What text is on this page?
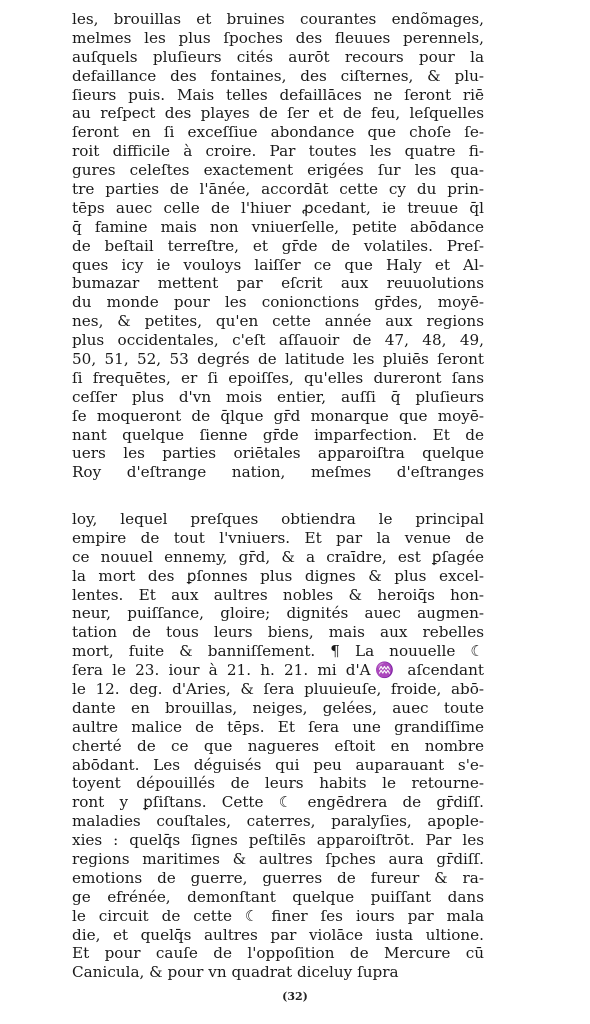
les, brouillas et bruines courantes endõmages,
melmes les plus ſpoches des fleuues perennels,
auſquels pluſieurs cités aurōt recours pour la
defaillance des fontaines, des ciſternes, & plu-
ſieurs puis. Mais telles defaillāces ne ſeront riē
au reſpect des playes de ſer et de feu, leſquelles
ſeront en ſi exceſſiue abondance que choſe ſe-
roit difficile à croire. Par toutes les quatre fi-
gures celeſtes exactement erigées ſur les qua-
tre parties de l'ānée, accordāt cette cy du prin-
tēps auec celle de l'hiuer ꝓcedant, ie treuue q̄l
q̄ famine mais non vniuerſelle, petite abōdance
de beſtail terreſtre, et gr̄de de volatiles. Preſ-
ques icy ie vouloys laiſſer ce que Haly et Al-
bumazar mettent par eſcrit aux reuuolutions
du monde pour les conionctions gr̄des, moyē-
nes, & petites, qu'en cette année aux regions
plus occidentales, c'eſt aſſauoir de 47, 48, 49,
50, 51, 52, 53 degrés de latitude les pluiēs ſeront
ſi frequētes, er ſi epoiſſes, qu'elles dureront ſans
ceſſer plus d'vn mois entier, auſſi q̄ pluſieurs
ſe moqueront de q̄lque gr̄d monarque que moyē-
nant quelque ſienne gr̄de imparfection. Et de
uers les parties oriētales apparoiſtra quelque
Roy d'eſtrange nation, meſmes d'eſtranges
loy, lequel preſques obtiendra le principal
empire de tout l'vniuers. Et par la venue de
ce nouuel ennemy, gr̄d, & a craīdre, est ꝑſagée
la mort des ꝑſonnes plus dignes & plus excel-
lentes. Et aux aultres nobles & heroiq̄s hon-
neur, puiſſance, gloire; dignités auec augmen-
tation de tous leurs biens, mais aux rebelles
mort, fuite & banniſſement. ¶ La nouuelle ☾
ſera le 23. iour à 21. h. 21. mi d'A♒ aſcendant
le 12. deg. d'Aries, & ſera pluuieuſe, froide, abō-
dante en brouillas, neiges, gelées, auec toute
aultre malice de tēps. Et ſera une grandiſſime
cherté de ce que nagueres eſtoit en nombre
abōdant. Les déguisés qui peu auparauant s'e-
toyent dépouillés de leurs habits le retourne-
ront y ꝑſiſtans. Cette ☾ engēdrera de gr̄diſſ.
maladies couſtales, caterres, paralyſies, apople-
xies : quelq̄s ſignes peſtilēs apparoiſtrōt. Par les
regions maritimes & aultres ſpches aura gr̄diſſ.
emotions de guerre, guerres de fureur & ra-
ge efrénée, demonſtant quelque puiſſant dans
le circuit de cette ☾ finer ſes iours par mala
die, et quelq̄s aultres par violāce iusta ultione.
Et pour cauſe de l'oppoſition de Mercure cū
Canicula, & pour vn quadrat diceluy ſupra
(32)
